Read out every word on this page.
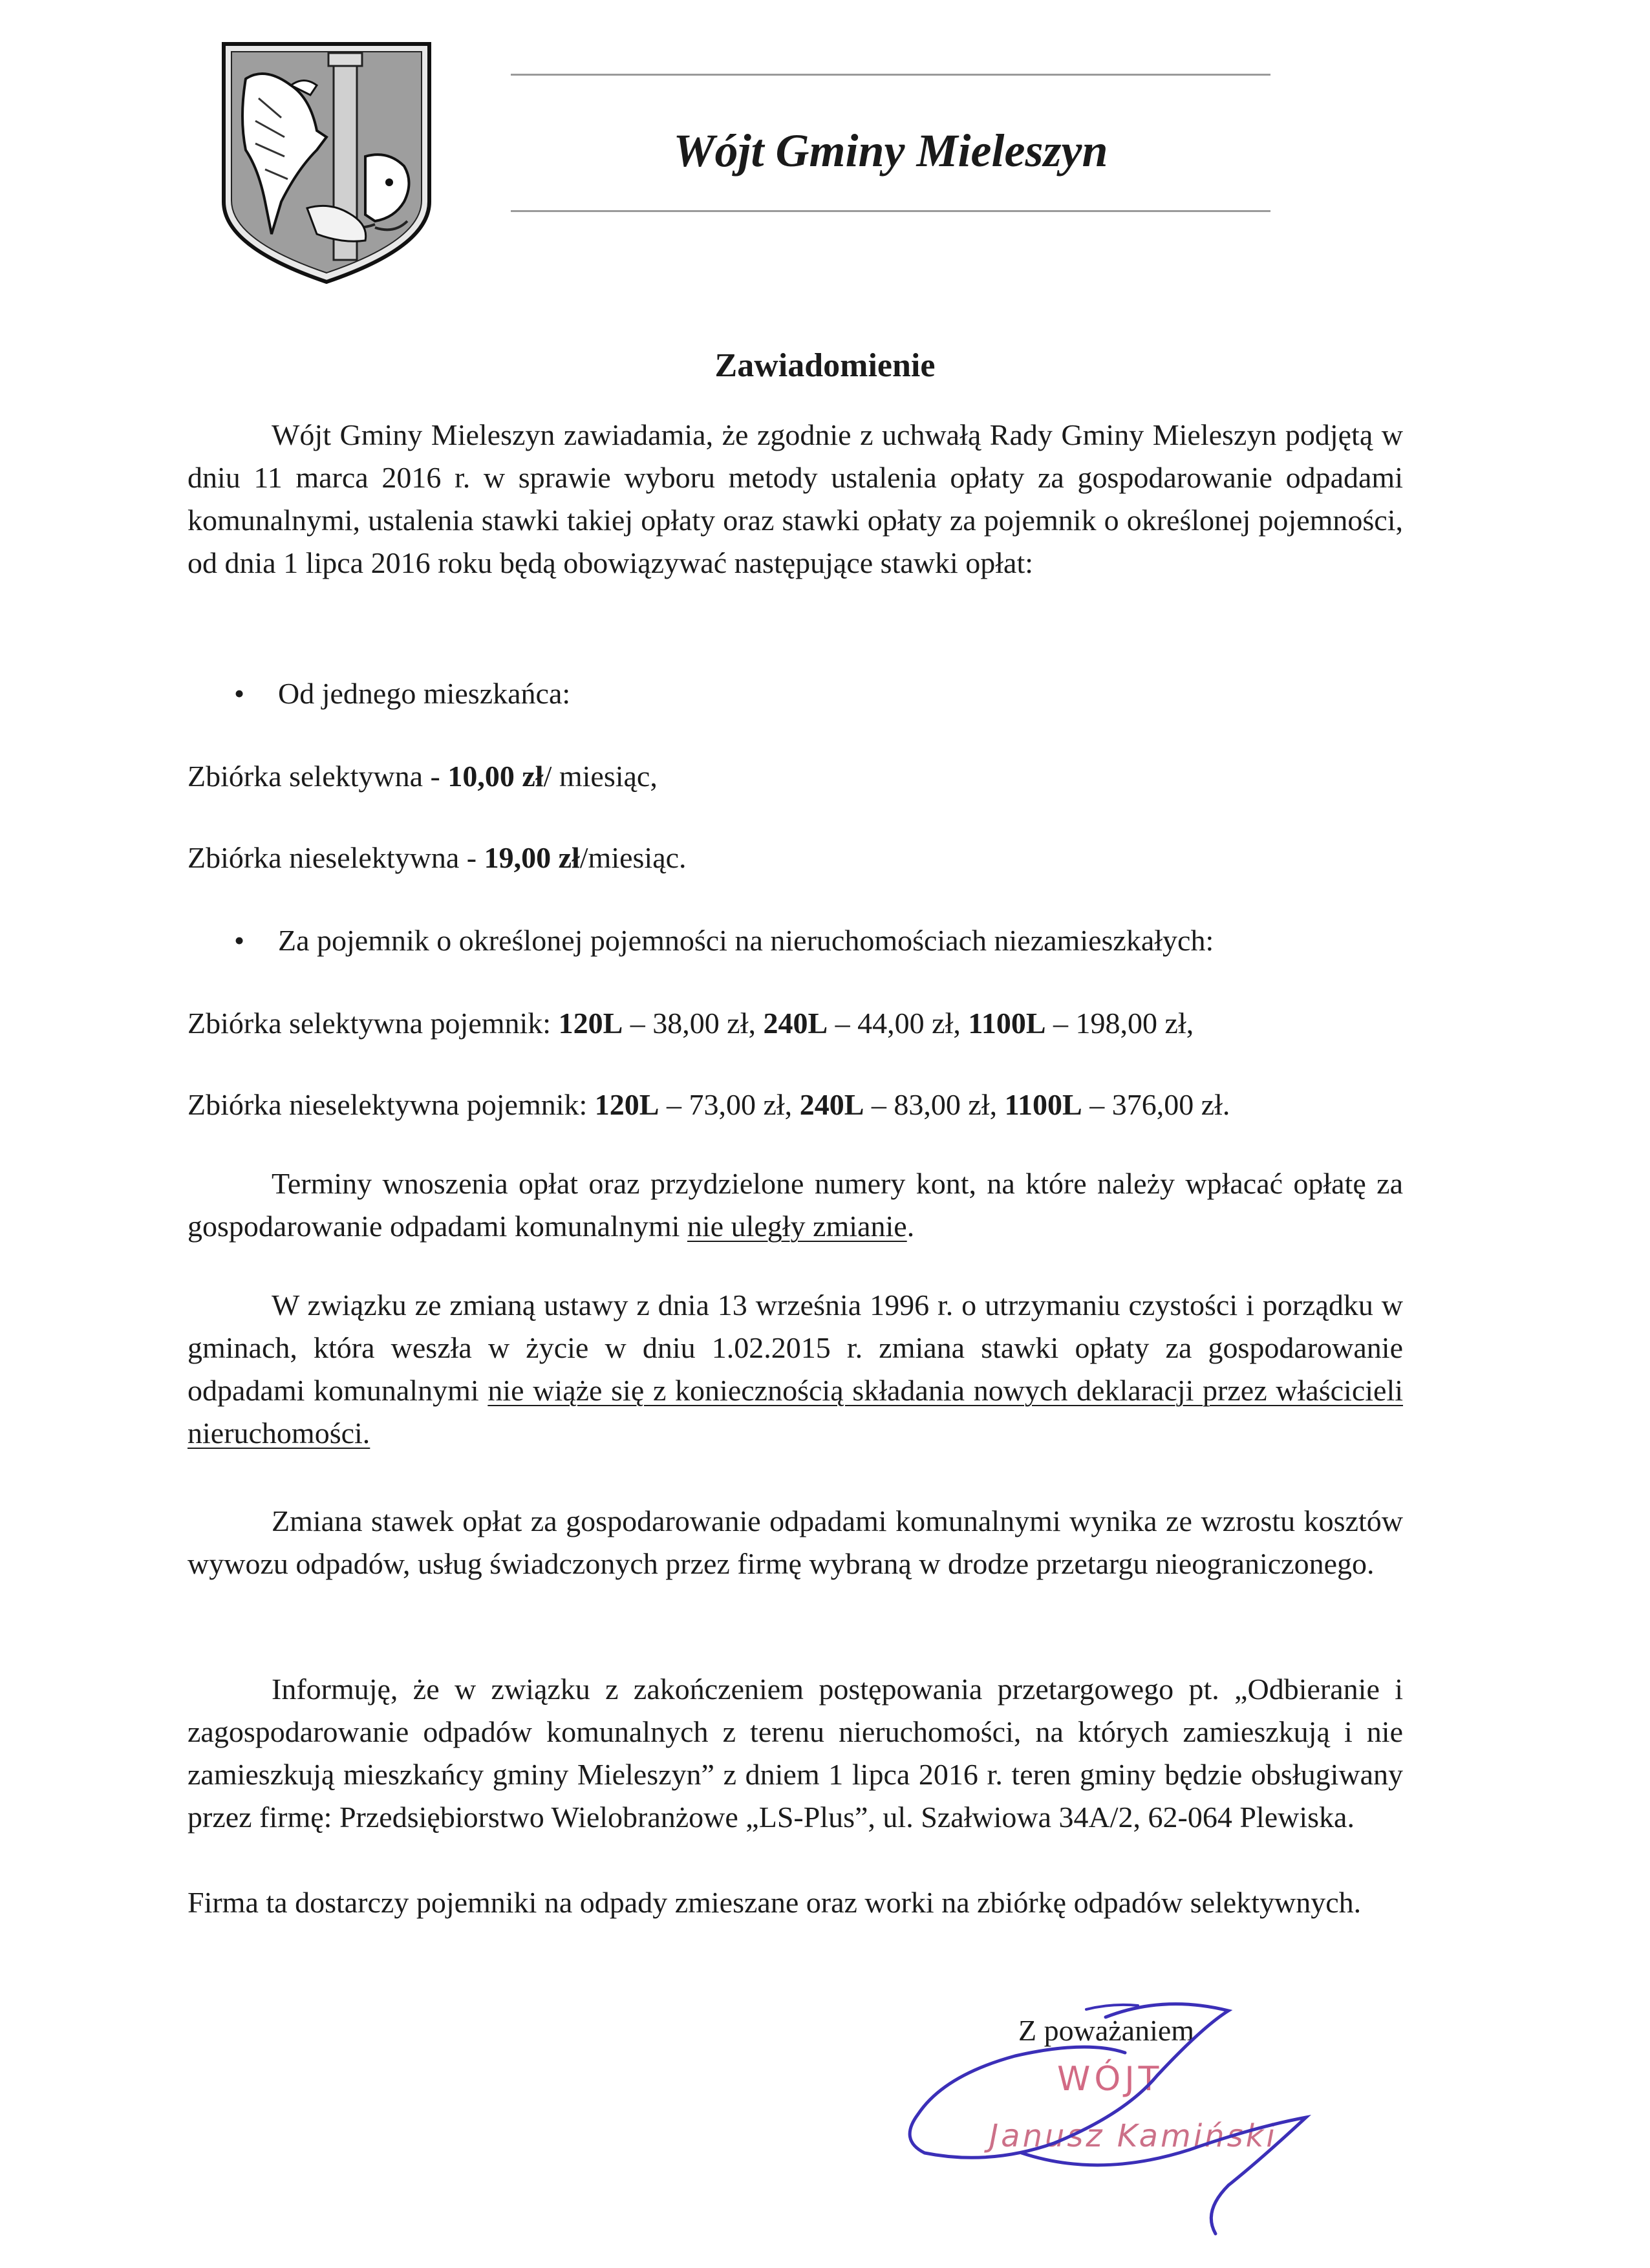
Wójt Gminy Mieleszyn
Zawiadomienie

Wójt Gminy Mieleszyn zawiadamia, że zgodnie z uchwałą Rady Gminy Mieleszyn podjętą w dniu 11 marca 2016 r. w sprawie wyboru metody ustalenia opłaty za gospodarowanie odpadami komunalnymi, ustalenia stawki takiej opłaty oraz stawki opłaty za pojemnik o określonej pojemności, od dnia 1 lipca 2016 roku będą obowiązywać następujące stawki opłat:

• Od jednego mieszkańca:
Zbiórka selektywna - 10,00 zł/ miesiąc,
Zbiórka nieselektywna - 19,00 zł/miesiąc.
• Za pojemnik o określonej pojemności na nieruchomościach niezamieszkałych:
Zbiórka selektywna pojemnik: 120L – 38,00 zł, 240L – 44,00 zł, 1100L – 198,00 zł,
Zbiórka nieselektywna pojemnik: 120L – 73,00 zł, 240L – 83,00 zł, 1100L – 376,00 zł.

Terminy wnoszenia opłat oraz przydzielone numery kont, na które należy wpłacać opłatę za gospodarowanie odpadami komunalnymi nie uległy zmianie.

W związku ze zmianą ustawy z dnia 13 września 1996 r. o utrzymaniu czystości i porządku w gminach, która weszła w życie w dniu 1.02.2015 r. zmiana stawki opłaty za gospodarowanie odpadami komunalnymi nie wiąże się z koniecznością składania nowych deklaracji przez właścicieli nieruchomości.

Zmiana stawek opłat za gospodarowanie odpadami komunalnymi wynika ze wzrostu kosztów wywozu odpadów, usług świadczonych przez firmę wybraną w drodze przetargu nieograniczonego.

Informuję, że w związku z zakończeniem postępowania przetargowego pt. „Odbieranie i zagospodarowanie odpadów komunalnych z terenu nieruchomości, na których zamieszkują i nie zamieszkują mieszkańcy gminy Mieleszyn” z dniem 1 lipca 2016 r. teren gminy będzie obsługiwany przez firmę: Przedsiębiorstwo Wielobranżowe „LS-Plus”, ul. Szałwiowa 34A/2, 62-064 Plewiska.

Firma ta dostarczy pojemniki na odpady zmieszane oraz worki na zbiórkę odpadów selektywnych.

Z poważaniem
WÓJT
Janusz Kamiński
